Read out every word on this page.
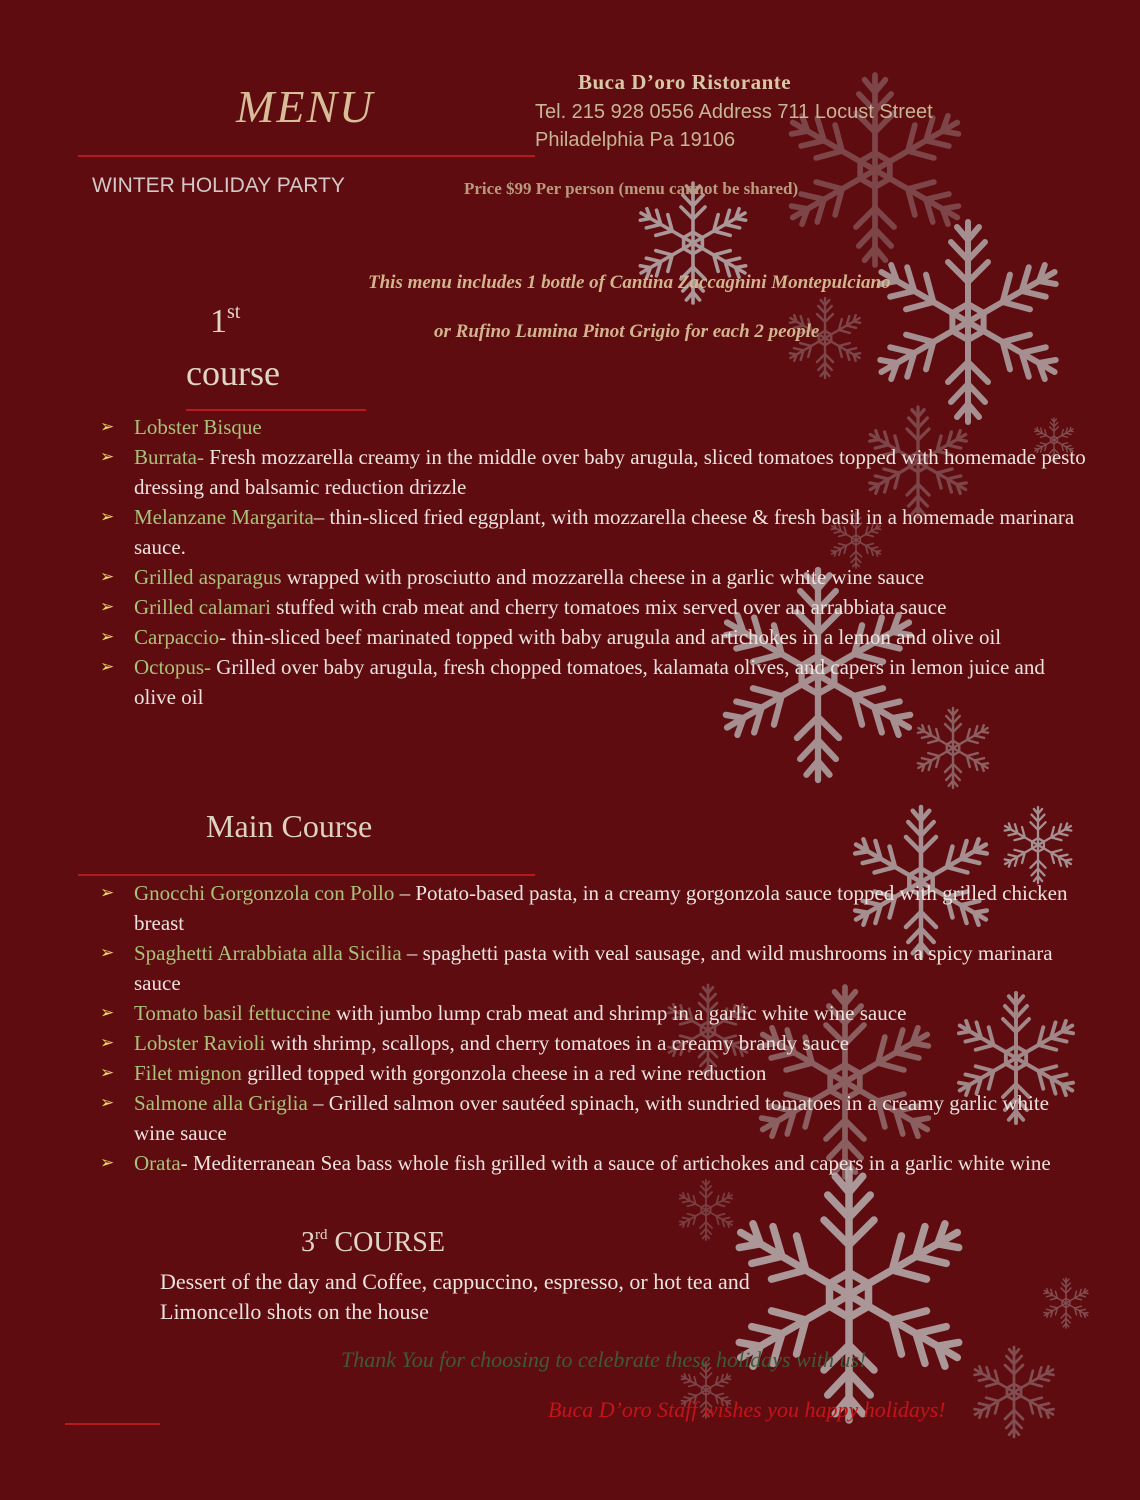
MENU	Buca D’oro Ristorante
Tel. 215 928 0556 Address 711 Locust Street
Philadelphia Pa 19106
WINTER HOLIDAY PARTY	Price $99 Per person (menu cannot be shared)
This menu includes 1 bottle of Cantina Zaccagnini Montepulciano
or Rufino Lumina Pinot Grigio for each 2 people
1st
course
➢ Lobster Bisque
➢ Burrata- Fresh mozzarella creamy in the middle over baby arugula, sliced tomatoes topped with homemade pesto dressing and balsamic reduction drizzle
➢ Melanzane Margarita– thin-sliced fried eggplant, with mozzarella cheese & fresh basil in a homemade marinara sauce.
➢ Grilled asparagus wrapped with prosciutto and mozzarella cheese in a garlic white wine sauce
➢ Grilled calamari stuffed with crab meat and cherry tomatoes mix served over an arrabbiata sauce
➢ Carpaccio- thin-sliced beef marinated topped with baby arugula and artichokes in a lemon and olive oil
➢ Octopus- Grilled over baby arugula, fresh chopped tomatoes, kalamata olives, and capers in lemon juice and olive oil
Main Course
➢ Gnocchi Gorgonzola con Pollo – Potato-based pasta, in a creamy gorgonzola sauce topped with grilled chicken breast
➢ Spaghetti Arrabbiata alla Sicilia – spaghetti pasta with veal sausage, and wild mushrooms in a spicy marinara sauce
➢ Tomato basil fettuccine with jumbo lump crab meat and shrimp in a garlic white wine sauce
➢ Lobster Ravioli with shrimp, scallops, and cherry tomatoes in a creamy brandy sauce
➢ Filet mignon grilled topped with gorgonzola cheese in a red wine reduction
➢ Salmone alla Griglia – Grilled salmon over sautéed spinach, with sundried tomatoes in a creamy garlic white wine sauce
➢ Orata- Mediterranean Sea bass whole fish grilled with a sauce of artichokes and capers in a garlic white wine
3rd COURSE
Dessert of the day and Coffee, cappuccino, espresso, or hot tea and
Limoncello shots on the house
Thank You for choosing to celebrate these holidays with us!
Buca D’oro Staff wishes you happy holidays!
